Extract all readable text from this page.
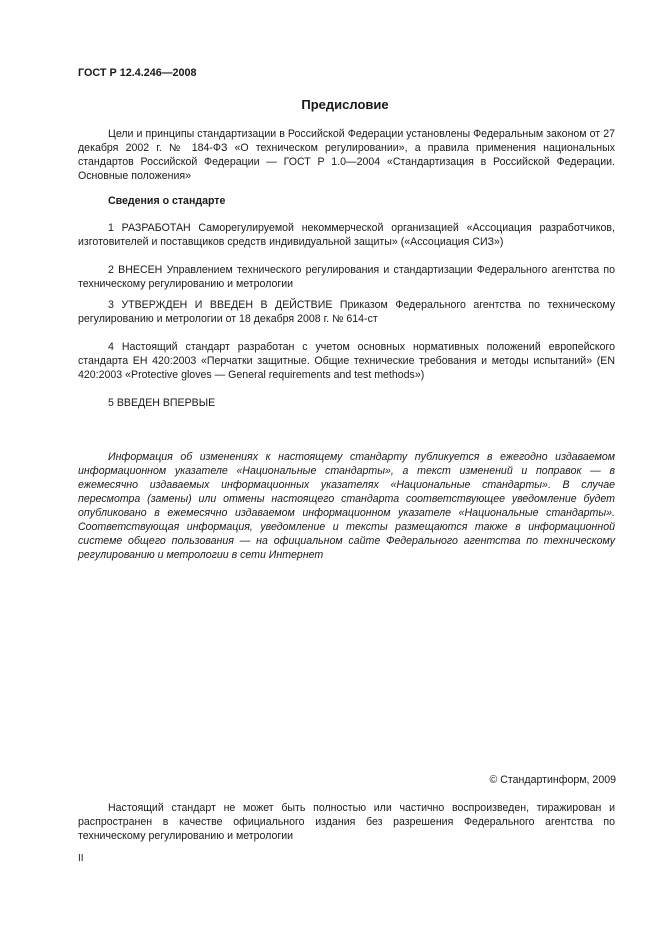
ГОСТ Р 12.4.246—2008
Предисловие

Цели и принципы стандартизации в Российской Федерации установлены Федеральным законом от 27 декабря 2002 г. № 184-ФЗ «О техническом регулировании», а правила применения национальных стандартов Российской Федерации — ГОСТ Р 1.0—2004 «Стандартизация в Российской Федерации. Основные положения»

Сведения о стандарте

1 РАЗРАБОТАН Саморегулируемой некоммерческой организацией «Ассоциация разработчиков, изготовителей и поставщиков средств индивидуальной защиты» («Ассоциация СИЗ»)

2 ВНЕСЕН Управлением технического регулирования и стандартизации Федерального агентства по техническому регулированию и метрологии

3 УТВЕРЖДЕН И ВВЕДЕН В ДЕЙСТВИЕ Приказом Федерального агентства по техническому регулированию и метрологии от 18 декабря 2008 г. № 614-ст

4 Настоящий стандарт разработан с учетом основных нормативных положений европейского стандарта ЕН 420:2003 «Перчатки защитные. Общие технические требования и методы испытаний» (EN 420:2003 «Protective gloves — General requirements and test methods»)

5 ВВЕДЕН ВПЕРВЫЕ

Информация об изменениях к настоящему стандарту публикуется в ежегодно издаваемом информационном указателе «Национальные стандарты», а текст изменений и поправок — в ежемесячно издаваемых информационных указателях «Национальные стандарты». В случае пересмотра (замены) или отмены настоящего стандарта соответствующее уведомление будет опубликовано в ежемесячно издаваемом информационном указателе «Национальные стандарты». Соответствующая информация, уведомление и тексты размещаются также в информационной системе общего пользования — на официальном сайте Федерального агентства по техническому регулированию и метрологии в сети Интернет

© Стандартинформ, 2009

Настоящий стандарт не может быть полностью или частично воспроизведен, тиражирован и распространен в качестве официального издания без разрешения Федерального агентства по техническому регулированию и метрологии

II
